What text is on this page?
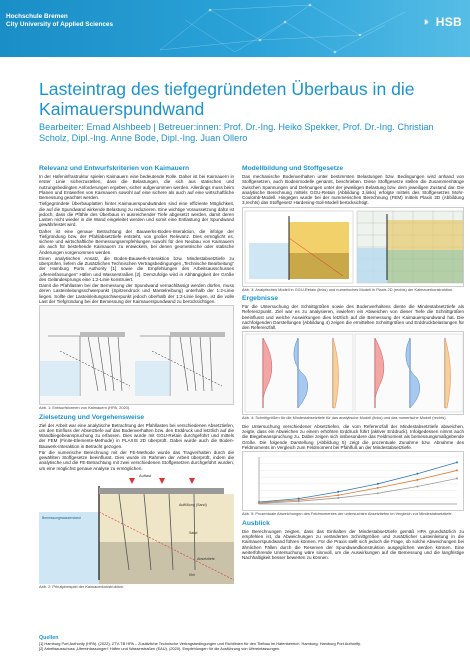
Hochschule Bremen
City University of Applied Sciences	HSB
Lasteintrag des tiefgegründeten Überbaus in die Kaimauerspundwand

Bearbeiter: Emad Alshbeeb | Betreuer:innen: Prof. Dr.-Ing. Heiko Spekker, Prof. Dr.-Ing. Christian Scholz, Dipl.-Ing. Anne Bode, Dipl.-Ing. Juan Ollero

Relevanz und Entwurfskriterien von Kaimauern

In der Hafeninfrastruktur spielen Kaimauern eine bedeutende Rolle. Daher ist bei Kaimauern in erster Linie sicherzustellen, dass die Belastungen, die sich aus statischen und nutzungsbedingten Anforderungen ergeben, sicher aufgenommen werden. Allerdings muss beim Planen und Entwerfen von Kaimauern sowohl auf eine sichere als auch auf eine wirtschaftliche Bemessung geachtet werden.

Tiefgegründete Überbauplatten hinter Kaimauerspundwänden sind eine effiziente Möglichkeit, die auf die Spundwand wirkende Belastung zu reduzieren. Eine wichtige Voraussetzung dafür ist jedoch, dass die Pfähle des Überbaus in ausreichender Tiefe abgesetzt werden, damit deren Lasten nicht wieder in die Wand eingeleitet werden und somit eine Entlastung der Spundwand gewährleistet wird.

Daher ist eine genaue Betrachtung der Bauwerks-Boden-Interaktion, die infolge der Tiefgründung bzw. der Pfahlabsetztiefe entsteht, von großer Relevanz. Dies ermöglicht es, sichere und wirtschaftliche Bemessungsempfehlungen sowohl für den Neubau von Kaimauern als auch für bestehende Kaimauern zu entwickeln, bei denen geometrische oder statische Änderungen vorgenommen werden.

Einen analytischen Ansatz, die Boden-Bauwerk-Interaktion bzw. Mindestabsetztiefe zu überprüfen, liefern die Zusätzlichen Technischen Vertragsbedingungen „Technische Bearbeitung“ der Hamburg Ports Authority [1] sowie die Empfehlungen des Arbeitsausschusses „Ufereinfassungen“ Häfen und Wasserstraßen [2]. Demzufolge wird in Abhängigkeit der Größe des Geländesprungs eine 1:2-Linie konstruiert.

Damit die Pfahllasten bei der Bemessung der Spundwand vernachlässigt werden dürfen, muss deren Lasteinleitungsschwerpunkt (Spitzendruck und Mantelreibung) unterhalb der 1:2-Linie liegen. Sollte der Lasteinleitungsschwerpunkt jedoch oberhalb der 1:2-Linie liegen, ist die volle Last der Tiefgründung bei der Bemessung der Kaimauerspundwand zu berücksichtigen.

Abb. 1: Entwurfsformen von Kaimauern (HPA, 2020).
Zielsetzung und Vorgehensweise

Ziel der Arbeit war eine analytische Betrachtung der Pfahllasten bei verschiedenen Absetztiefen, um den Einfluss der Absetztiefe auf das Bodenverhalten bzw. den Erddruck und letztlich auf die Wandbiegebeanspruchung zu erfassen. Dies wurde mit GGU-Retain durchgeführt und mittels der FEM (Finite-Elemente-Methode) in PLAXIS 2D überprüft. Dabei wurde auch die Boden-Bauwerk-Interaktion in Betracht gezogen.

Für die numerische Berechnung mit der FE-Methode wurde das Tragverhalten durch die gewählten Stoffgesetze beeinflusst. Dies wurde im Rahmen der Arbeit überprüft, indem die analytische und die FE-Betrachtung mit zwei verschiedenen Stoffgesetzen durchgeführt wurden, um eine möglichst genaue Analyse zu ermöglichen.

Auflast
Auffüllung (Sand)
Sand
Absetztiefe
Klei
Bemessungswasserstand
Abb. 2: Prinzipbeispiel der Kaimauerkonstruktion.
Modellbildung und Stoffgesetze

Das mechanische Bodenverhalten unter bestimmten Belastungen bzw. Bedingungen wird anhand von Stoffgesetzen, auch Bodenmodelle genannt, beschrieben. Diese Stoffgesetze stellen die Zusammenhänge zwischen Spannungen und Dehnungen unter der jeweiligen Belastung bzw. dem jeweiligen Zustand dar. Die analytische Berechnung mittels GGU-Retain (Abbildung 3,links) erfolgte mittels des Stoffgesetzes Mohr-Coulomb-Modell. Hingegen wurde bei der nummerischen Berechnung (FEM) mittels Plaxis 2D (Abbildung 3,rechts) das Stoffgesetz Hardening-Soil-Modell berücksichtigt.

Abb. 3: Analytisches Modell in GGU-Retain (links) und numerisches Modell in Plaxis 2D (rechts) der Kaimauerkonstruktion.
Ergebnisse

Für die Untersuchung der Schnittgrößen sowie des Bodenverhaltens diente die Mindestabsetztiefe als Referenzpunkt. Ziel war es zu analysieren, inwiefern ein Abweichen von dieser Tiefe die Schnittgrößen beeinflusst und welche Auswirkungen dies letztlich auf die Bemessung der Kaimauerspundwand hat. Die nachfolgenden Darstellungen (Abbildung 4) zeigen die ermittelten Schnittgrößen und Erddruckbelastungen für den Referenzfall.

Abb. 4: Schnittgrößen für die Mindestabsetztiefe für das analytische Modell (links) und das numerische Modell (rechts).

Die Untersuchung verschiedener Absetztiefen, die vom Referenzfall der Mindestabsetztiefe abweichen, zeigte, dass ein Abweichen zu einem erhöhten Erddruck führt (aktiver Erddruck). Infolgedessen nimmt auch die Biegebeanspruchung zu. Dabei zeigen sich insbesondere das Feldmoment als bemessungsmaßgebende Größe. Die folgende Darstellung (Abbildung 5) zeigt die prozentuale Zunahme bzw. Abnahme des Feldmoments im Vergleich zum Feldmoment bei Pfahlfuß an der Mindestabsetztiefe.

Abb. 5: Prozentuale Abweichungen des Feldmomentes der untersuchten Absetztiefen im Vergleich zur Mindestabsetztiefe.
Ausblick

Die Berechnungen zeigten, dass das Einhalten der Mindestabsetztiefe gemäß HPA grundsätzlich zu empfehlen ist, da Abweichungen zu veränderten Schnittgrößen und zusätzlicher Lasteinleitung in die Kaimauerspundwand führen können. Für die Praxis stellt sich jedoch die Frage, ob solche Abweichungen bei ähnlichen Fällen durch die Reserven der Spundwandkonstruktion ausgeglichen werden können. Eine weiterführende Untersuchung wäre sinnvoll, um die Auswirkungen auf die Bemessung und die langfristige Nachhaltigkeit besser bewerten zu können.

Quellen
[1] Hamburg Port Authority (HPA). (2022). ZTV-TB HPA – Zusätzliche Technische Vertragsbedingungen und Richtlinien für den Tiefbau im Hafenbereich. Hamburg: Hamburg Port Authority.
[2] Arbeitsausschuss „Ufereinfassungen“ Häfen und Wasserstraßen (EAU). (2020). Empfehlungen für die Ausführung von Ufereinfassungen.
